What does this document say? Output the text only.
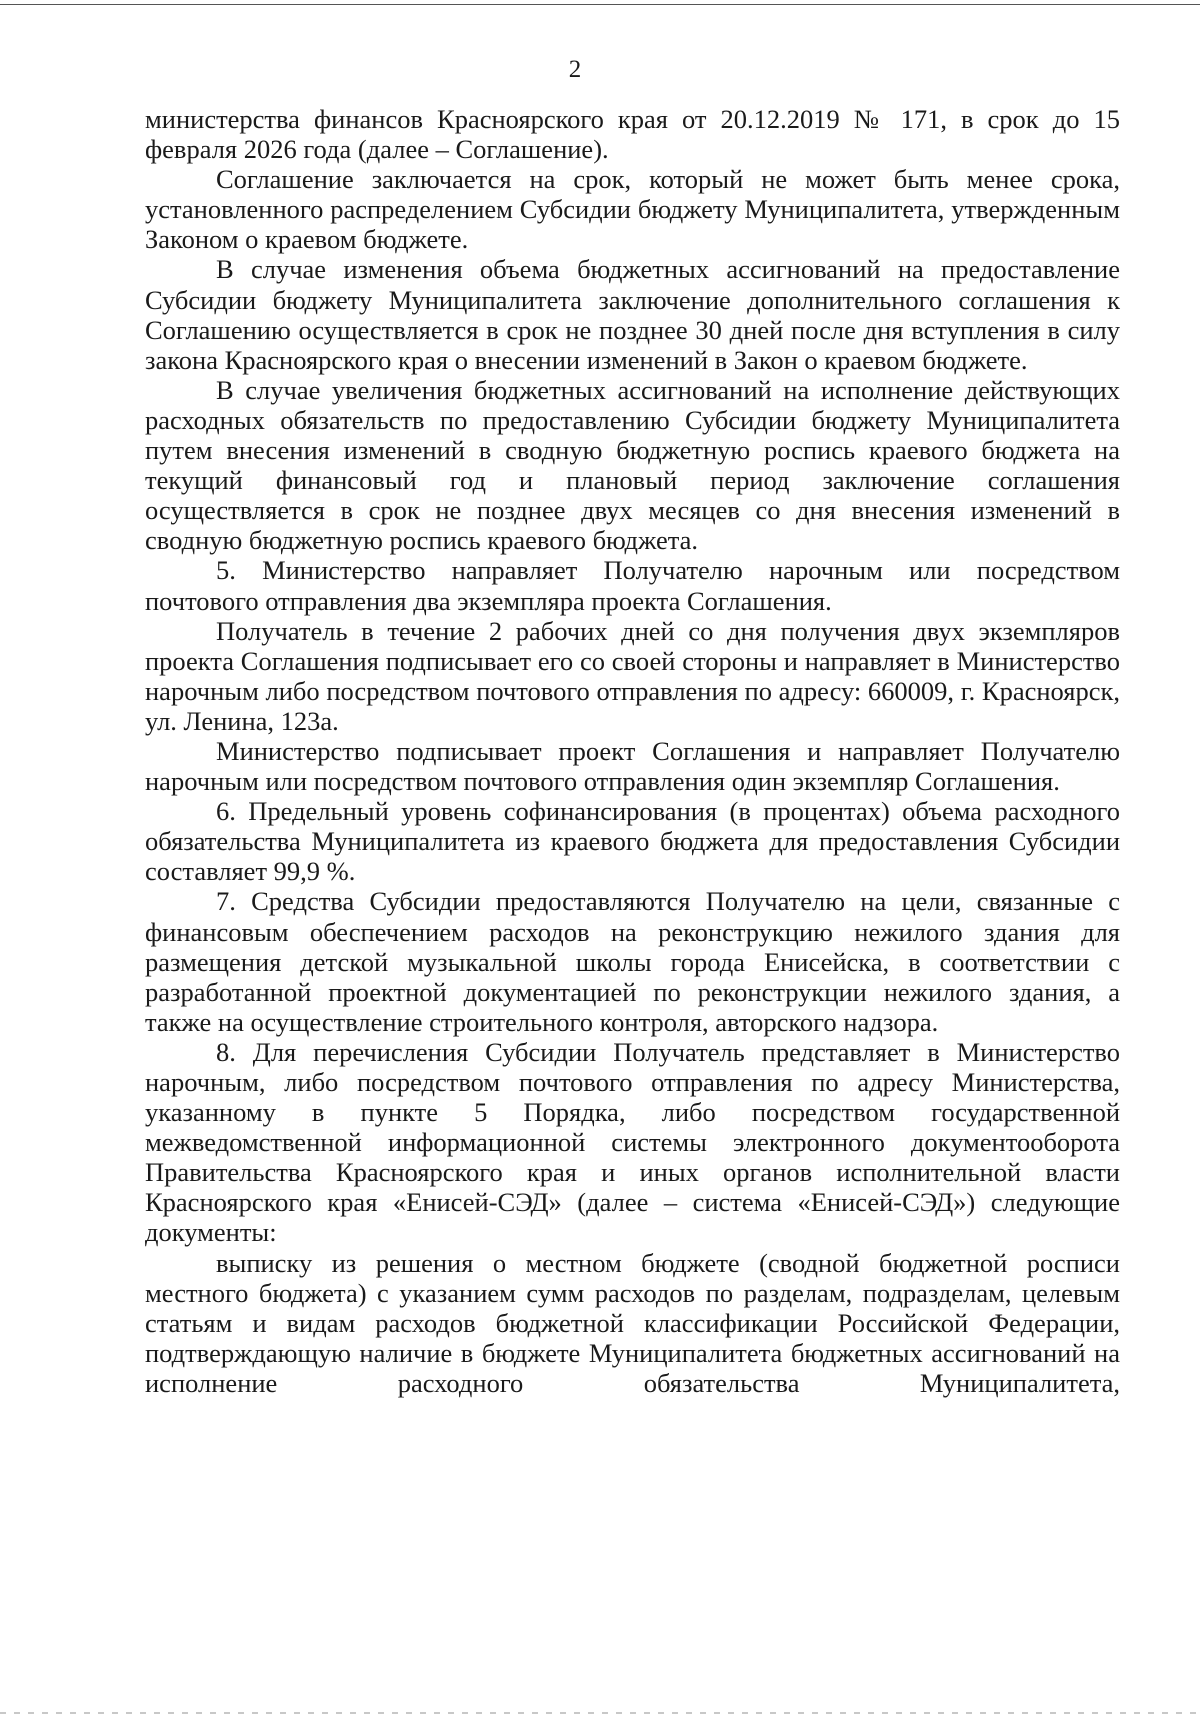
2

министерства финансов Красноярского края от 20.12.2019 № 171, в срок до 15 февраля 2026 года (далее – Соглашение).

Соглашение заключается на срок, который не может быть менее срока, установленного распределением Субсидии бюджету Муниципалитета, утвержденным Законом о краевом бюджете.

В случае изменения объема бюджетных ассигнований на предоставление Субсидии бюджету Муниципалитета заключение дополнительного соглашения к Соглашению осуществляется в срок не позднее 30 дней после дня вступления в силу закона Красноярского края о внесении изменений в Закон о краевом бюджете.

В случае увеличения бюджетных ассигнований на исполнение действующих расходных обязательств по предоставлению Субсидии бюджету Муниципалитета путем внесения изменений в сводную бюджетную роспись краевого бюджета на текущий финансовый год и плановый период заключение соглашения осуществляется в срок не позднее двух месяцев со дня внесения изменений в сводную бюджетную роспись краевого бюджета.

5. Министерство направляет Получателю нарочным или посредством почтового отправления два экземпляра проекта Соглашения.

Получатель в течение 2 рабочих дней со дня получения двух экземпляров проекта Соглашения подписывает его со своей стороны и направляет в Министерство нарочным либо посредством почтового отправления по адресу: 660009, г. Красноярск, ул. Ленина, 123а.

Министерство подписывает проект Соглашения и направляет Получателю нарочным или посредством почтового отправления один экземпляр Соглашения.

6. Предельный уровень софинансирования (в процентах) объема расходного обязательства Муниципалитета из краевого бюджета для предоставления Субсидии составляет 99,9 %.

7. Средства Субсидии предоставляются Получателю на цели, связанные с финансовым обеспечением расходов на реконструкцию нежилого здания для размещения детской музыкальной школы города Енисейска, в соответствии с разработанной проектной документацией по реконструкции нежилого здания, а также на осуществление строительного контроля, авторского надзора.

8. Для перечисления Субсидии Получатель представляет в Министерство нарочным, либо посредством почтового отправления по адресу Министерства, указанному в пункте 5 Порядка, либо посредством государственной межведомственной информационной системы электронного документооборота Правительства Красноярского края и иных органов исполнительной власти Красноярского края «Енисей-СЭД» (далее – система «Енисей-СЭД») следующие документы:

выписку из решения о местном бюджете (сводной бюджетной росписи местного бюджета) с указанием сумм расходов по разделам, подразделам, целевым статьям и видам расходов бюджетной классификации Российской Федерации, подтверждающую наличие в бюджете Муниципалитета бюджетных ассигнований на исполнение расходного обязательства Муниципалитета,
